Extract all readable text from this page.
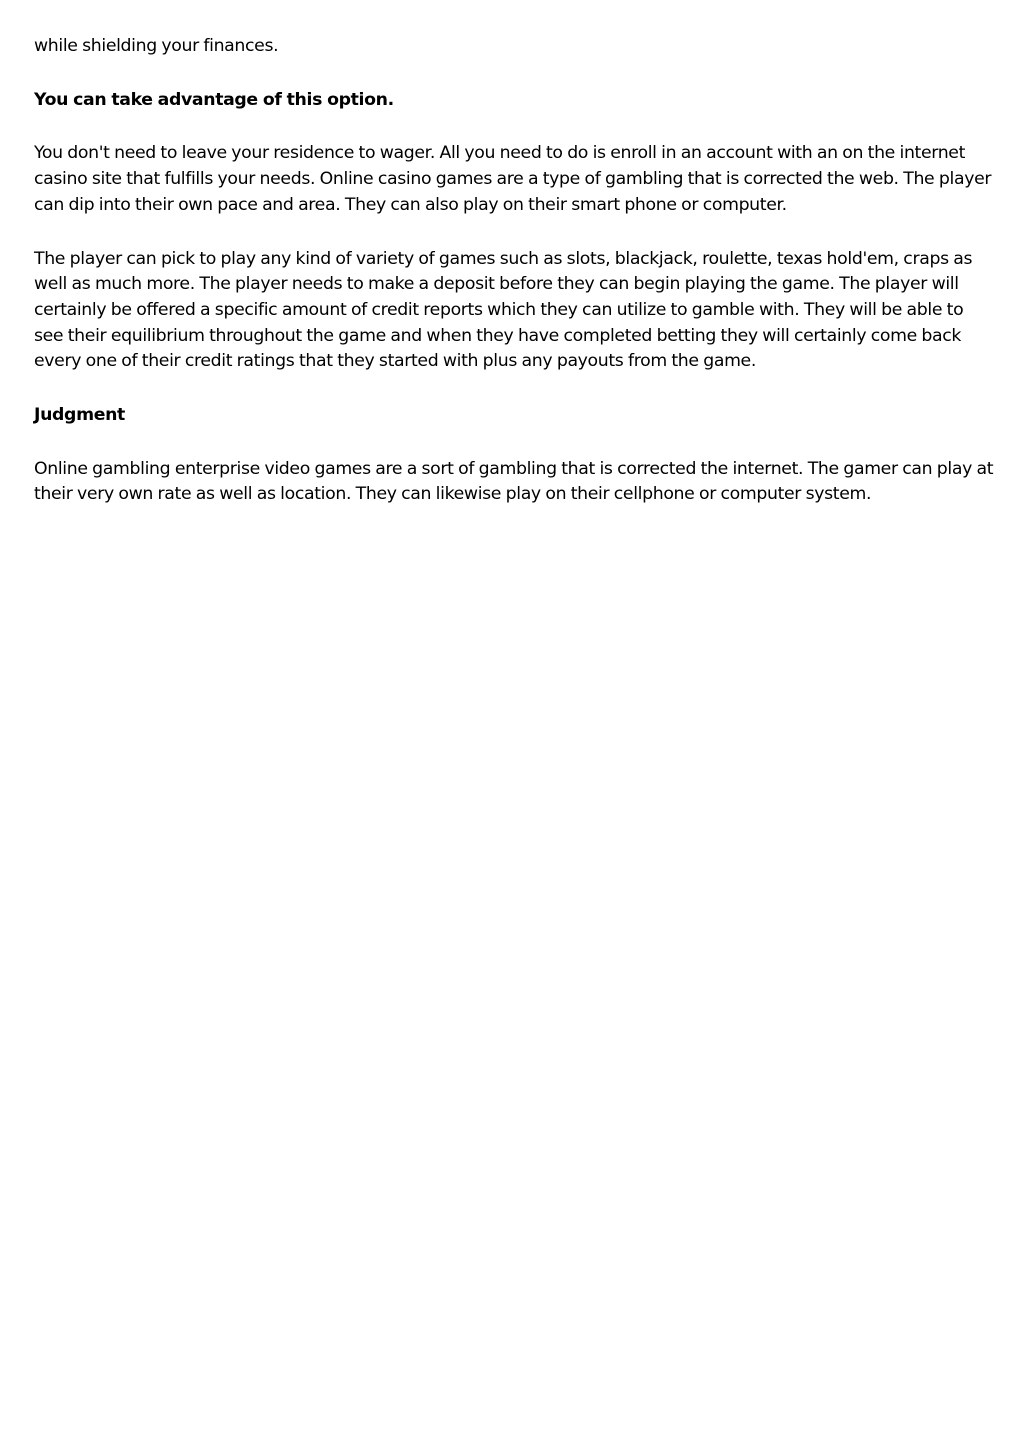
while shielding your finances.

You can take advantage of this option.

You don't need to leave your residence to wager. All you need to do is enroll in an account with an on the internet casino site that fulfills your needs. Online casino games are a type of gambling that is corrected the web. The player can dip into their own pace and area. They can also play on their smart phone or computer.

The player can pick to play any kind of variety of games such as slots, blackjack, roulette, texas hold'em, craps as well as much more. The player needs to make a deposit before they can begin playing the game. The player will certainly be offered a specific amount of credit reports which they can utilize to gamble with. They will be able to see their equilibrium throughout the game and when they have completed betting they will certainly come back every one of their credit ratings that they started with plus any payouts from the game.

Judgment

Online gambling enterprise video games are a sort of gambling that is corrected the internet. The gamer can play at their very own rate as well as location. They can likewise play on their cellphone or computer system.
